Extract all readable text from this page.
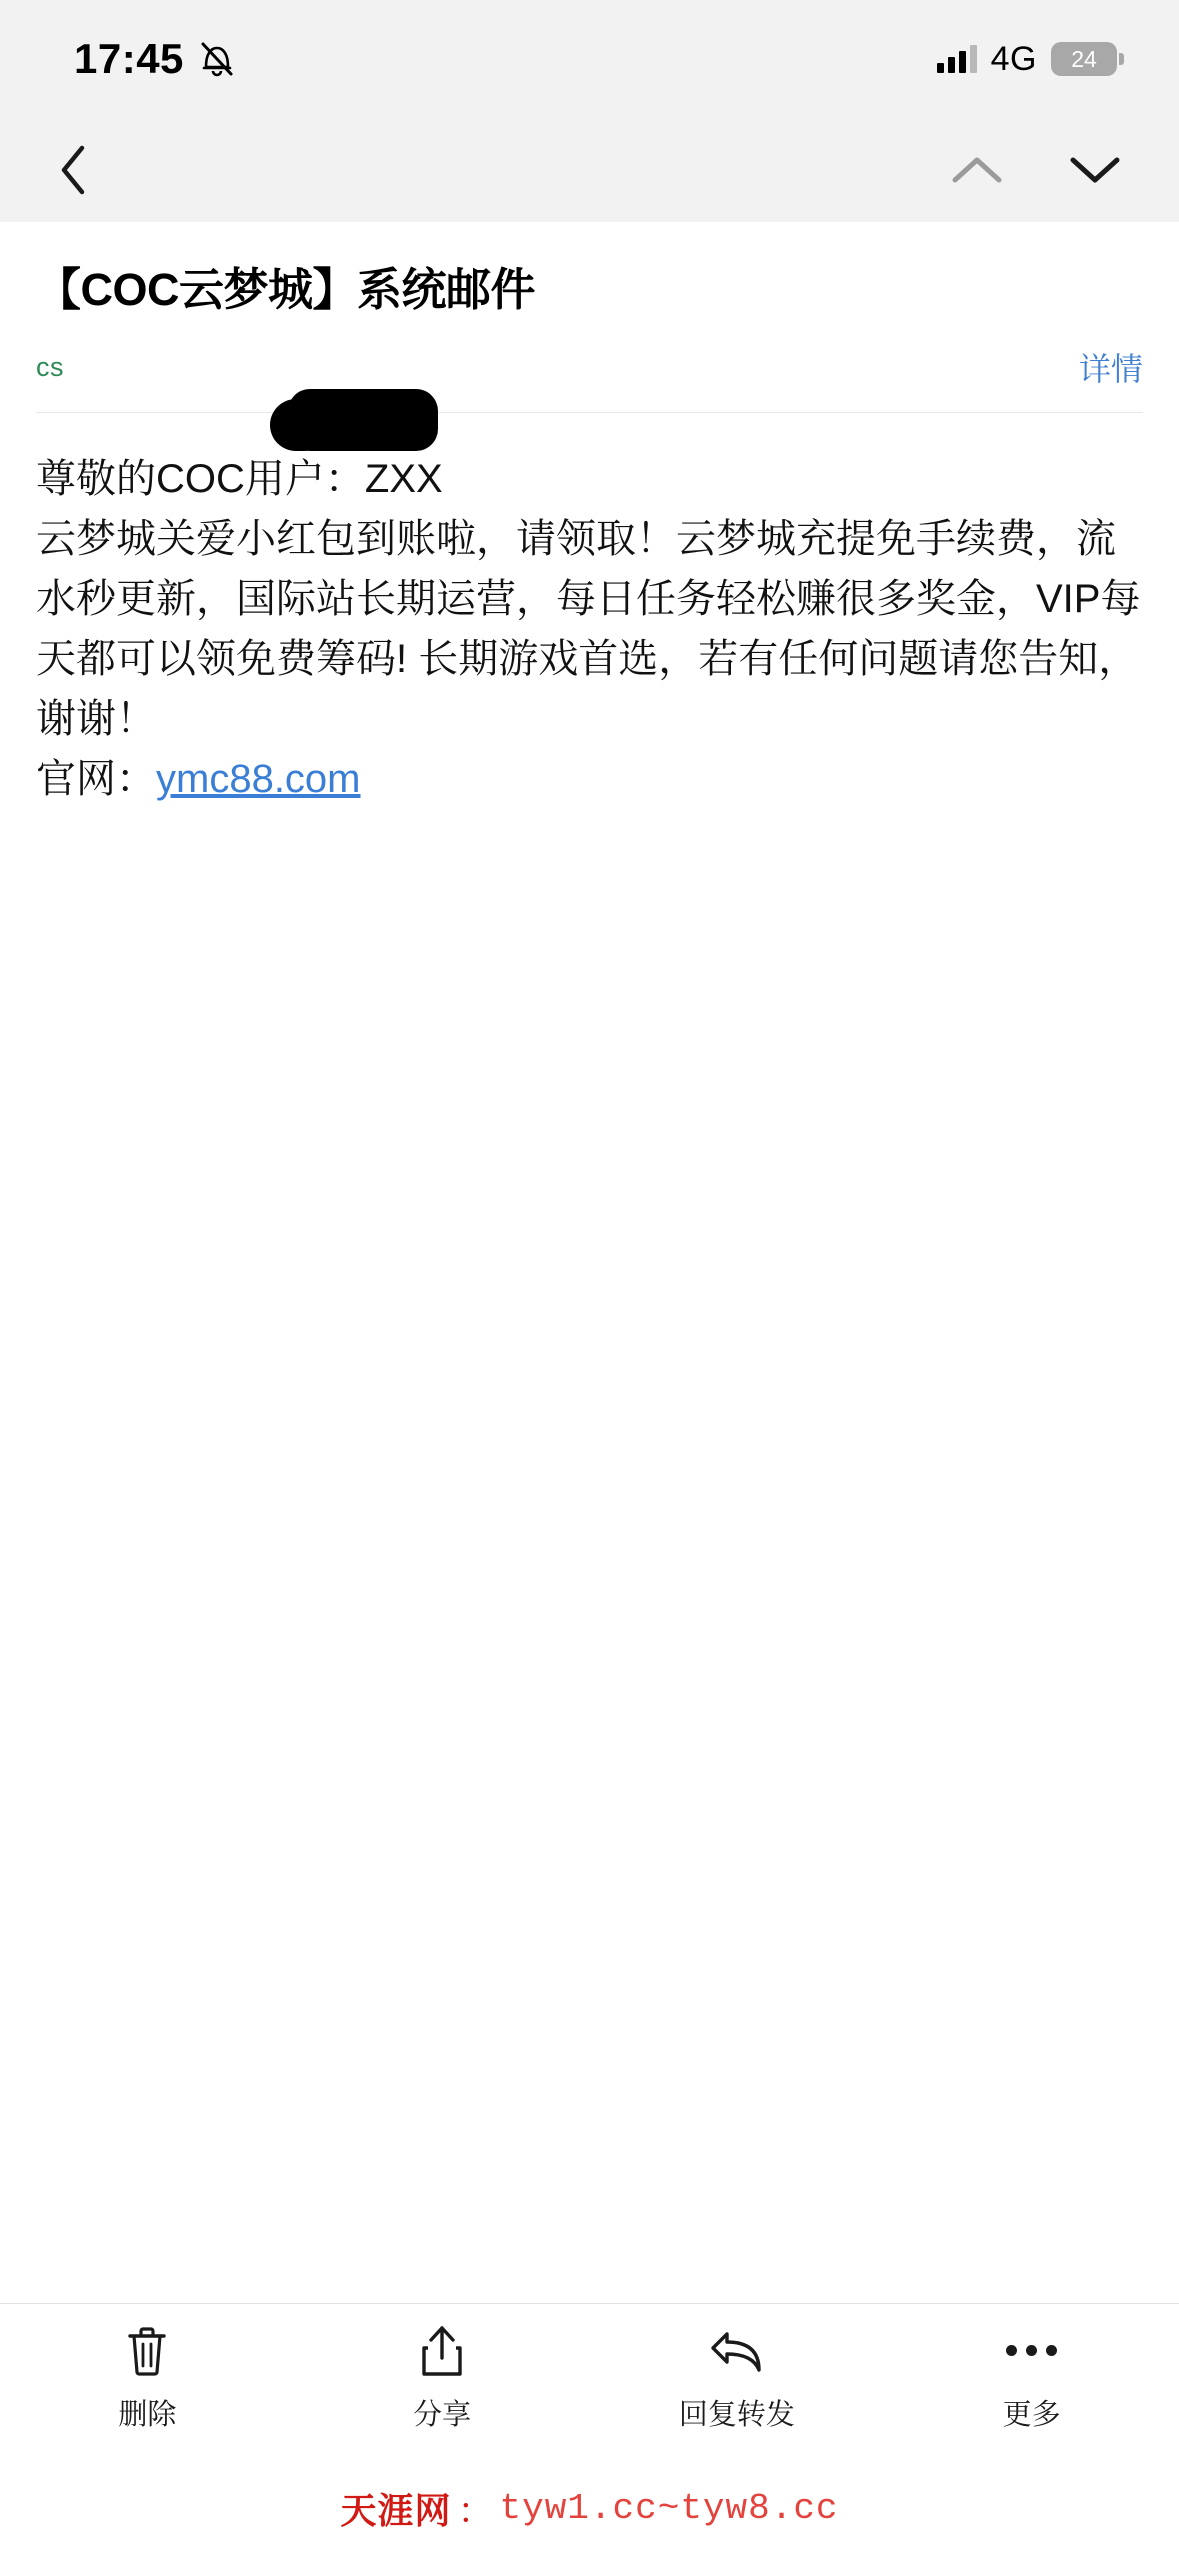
17:45	4G	24
【COC云梦城】系统邮件
cs	详情

尊敬的COC用户：ZXX

云梦城关爱小红包到账啦，请领取！云梦城充提免手续费，流水秒更新，国际站长期运营，每日任务轻松赚很多奖金，VIP每天都可以领免费筹码! 长期游戏首选，若有任何问题请您告知，谢谢！

官网：ymc88.com

删除	分享	回复转发	更多
天涯网 ： tyw1.cc~tyw8.cc
